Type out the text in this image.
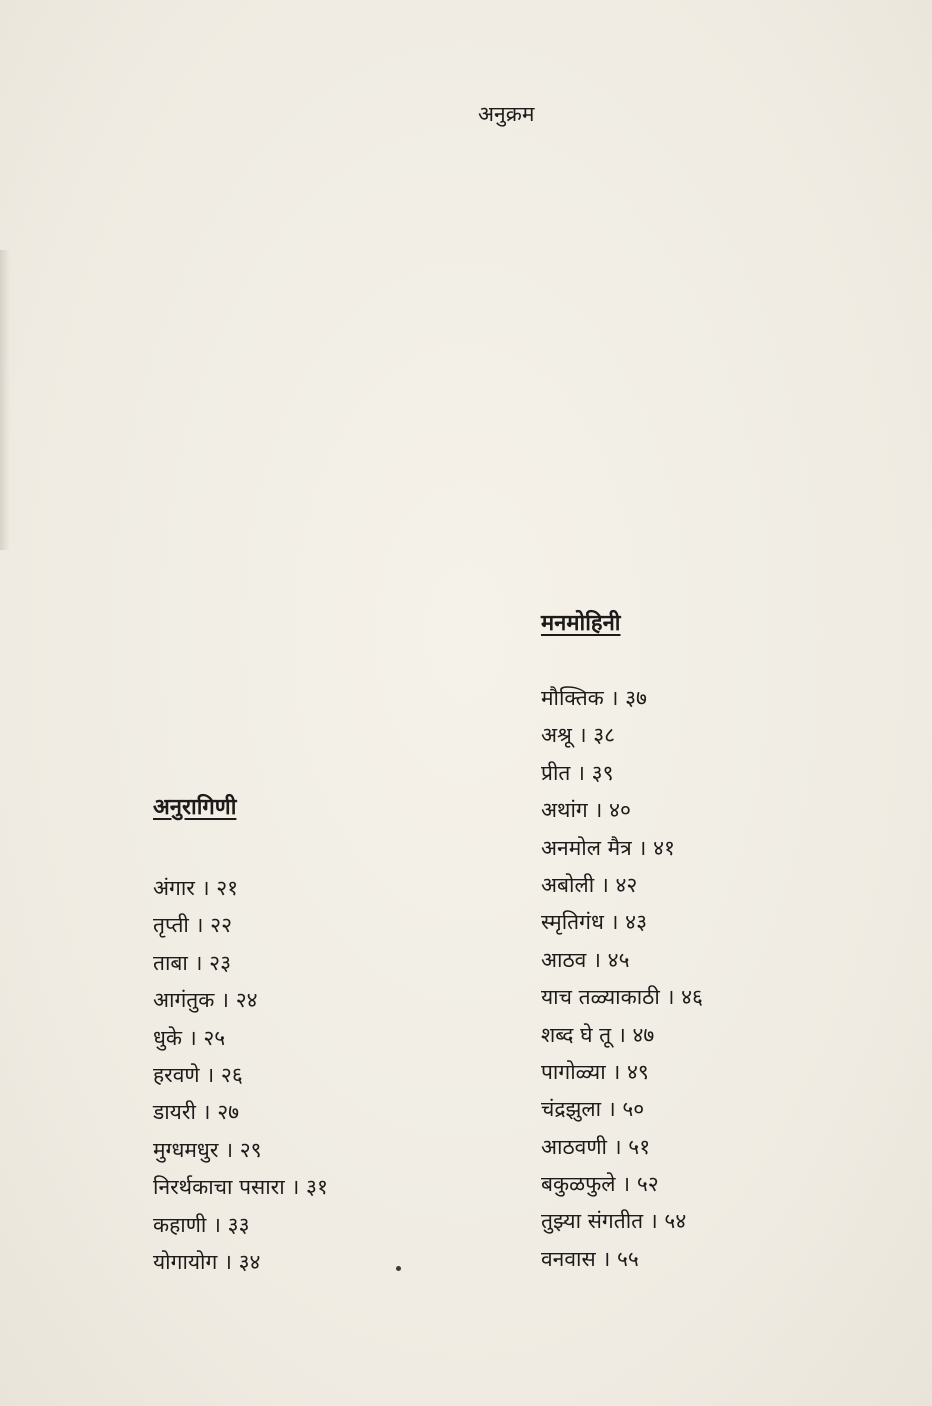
अनुक्रम
अनुरागिणी
अंगार । २१
तृप्ती । २२
ताबा । २३
आगंतुक । २४
धुके । २५
हरवणे । २६
डायरी । २७
मुग्धमधुर । २९
निरर्थकाचा पसारा । ३१
कहाणी । ३३
योगायोग । ३४
मनमोहिनी
मौक्तिक । ३७
अश्रू । ३८
प्रीत । ३९
अथांग । ४०
अनमोल मैत्र । ४१
अबोली । ४२
स्मृतिगंध । ४३
आठव । ४५
याच तळ्याकाठी । ४६
शब्द घे तू । ४७
पागोळ्या । ४९
चंद्रझुला । ५०
आठवणी । ५१
बकुळफुले । ५२
तुझ्या संगतीत । ५४
वनवास । ५५
